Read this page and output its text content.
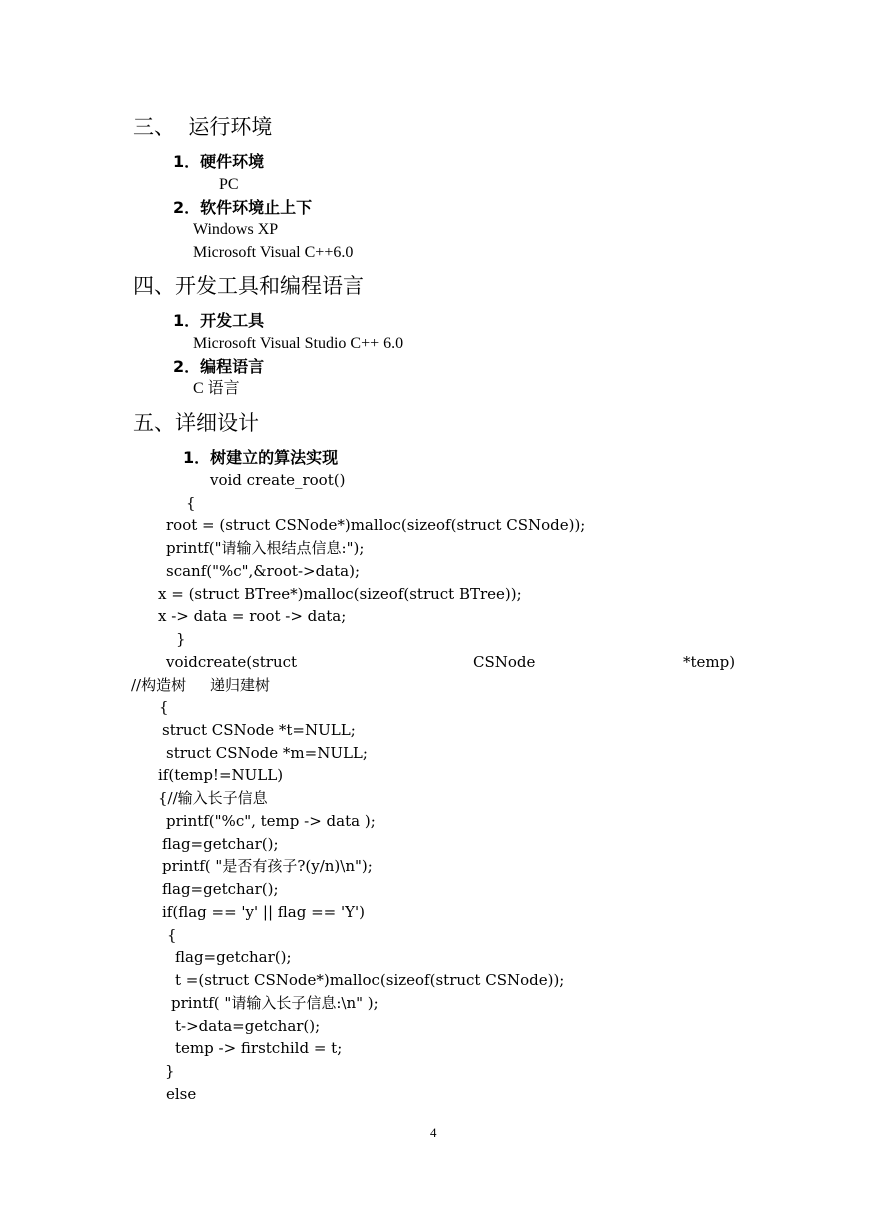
三、  运行环境
1．硬件环境
PC
2．软件环境止上下
Windows XP
Microsoft Visual C++6.0
四、开发工具和编程语言
1．开发工具
Microsoft Visual Studio C++ 6.0
2．编程语言
C 语言
五、详细设计
1．树建立的算法实现
void create_root()
{
root = (struct CSNode*)malloc(sizeof(struct CSNode));
printf("请输入根结点信息:");
scanf("%c",&root->data);
x = (struct BTree*)malloc(sizeof(struct BTree));
x -> data = root -> data;
}
voidcreate(struct	CSNode	*temp)
//构造树     递归建树
{
struct CSNode *t=NULL;
struct CSNode *m=NULL;
if(temp!=NULL)
{//输入长子信息
printf("%c", temp -> data );
flag=getchar();
printf( "是否有孩子?(y/n)\n");
flag=getchar();
if(flag == 'y' || flag == 'Y')
{
flag=getchar();
t =(struct CSNode*)malloc(sizeof(struct CSNode));
printf( "请输入长子信息:\n" );
t->data=getchar();
temp -> firstchild = t;
}
else
4
